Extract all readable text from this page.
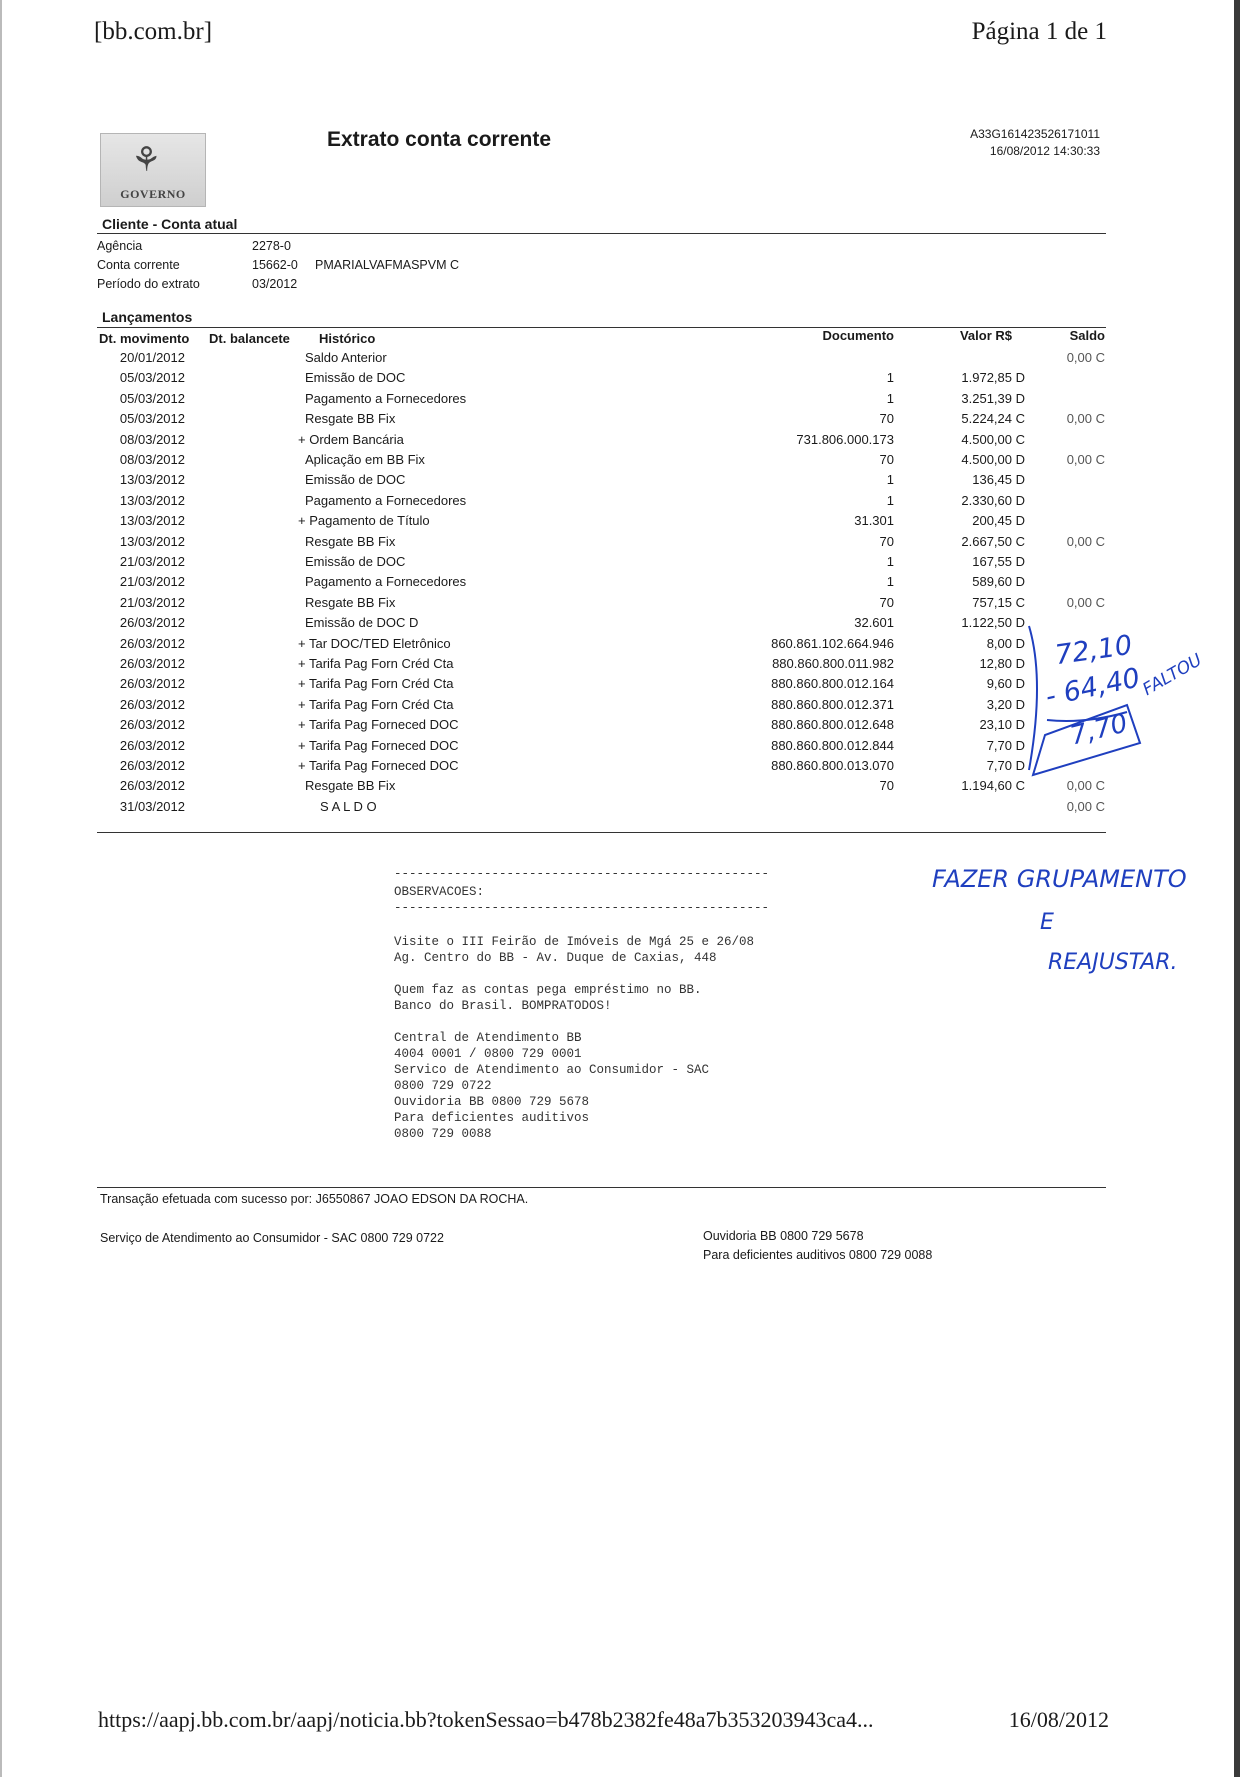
[bb.com.br]	Página 1 de 1
⚘
GOVERNO
Extrato conta corrente	A33G161423526171011
16/08/2012 14:30:33
Cliente - Conta atual
Agência	2278-0
Conta corrente	15662-0 PMARIALVAFMASPVM C
Período do extrato	03/2012
Lançamentos
Dt. movimento Dt. balancete Histórico	Documento	Valor R$	Saldo
20/01/2012	Saldo Anterior	0,00 C
05/03/2012	Emissão de DOC	1	1.972,85 D
05/03/2012	Pagamento a Fornecedores	1	3.251,39 D
05/03/2012	Resgate BB Fix	70	5.224,24 C	0,00 C
08/03/2012	+ Ordem Bancária	731.806.000.173	4.500,00 C
08/03/2012	Aplicação em BB Fix	70	4.500,00 D	0,00 C
13/03/2012	Emissão de DOC	1	136,45 D
13/03/2012	Pagamento a Fornecedores	1	2.330,60 D
13/03/2012	+ Pagamento de Título	31.301	200,45 D
13/03/2012	Resgate BB Fix	70	2.667,50 C	0,00 C
21/03/2012	Emissão de DOC	1	167,55 D
21/03/2012	Pagamento a Fornecedores	1	589,60 D
21/03/2012	Resgate BB Fix	70	757,15 C	0,00 C
26/03/2012	Emissão de DOC D	32.601	1.122,50 D
26/03/2012	+ Tar DOC/TED Eletrônico	860.861.102.664.946	8,00 D
26/03/2012	+ Tarifa Pag Forn Créd Cta	880.860.800.011.982	12,80 D
26/03/2012	+ Tarifa Pag Forn Créd Cta	880.860.800.012.164	9,60 D
26/03/2012	+ Tarifa Pag Forn Créd Cta	880.860.800.012.371	3,20 D
26/03/2012	+ Tarifa Pag Forneced DOC	880.860.800.012.648	23,10 D
26/03/2012	+ Tarifa Pag Forneced DOC	880.860.800.012.844	7,70 D
26/03/2012	+ Tarifa Pag Forneced DOC	880.860.800.013.070	7,70 D
26/03/2012	Resgate BB Fix	70	1.194,60 C	0,00 C
31/03/2012	S A L D O	0,00 C
--------------------------------------------------
OBSERVACOES:
--------------------------------------------------
Visite o III Feirão de Imóveis de Mgá 25 e 26/08
Ag. Centro do BB - Av. Duque de Caxias, 448
Quem faz as contas pega empréstimo no BB.
Banco do Brasil. BOMPRATODOS!
Central de Atendimento BB
4004 0001 / 0800 729 0001
Servico de Atendimento ao Consumidor - SAC
0800 729 0722
Ouvidoria BB 0800 729 5678
Para deficientes auditivos
0800 729 0088
72,10
- 64,40
7,70
FALTOU
FAZER GRUPAMENTO
E
REAJUSTAR.
Transação efetuada com sucesso por: J6550867 JOAO EDSON DA ROCHA.
Serviço de Atendimento ao Consumidor - SAC 0800 729 0722	Ouvidoria BB 0800 729 5678
Para deficientes auditivos 0800 729 0088
https://aapj.bb.com.br/aapj/noticia.bb?tokenSessao=b478b2382fe48a7b353203943ca4...	16/08/2012
